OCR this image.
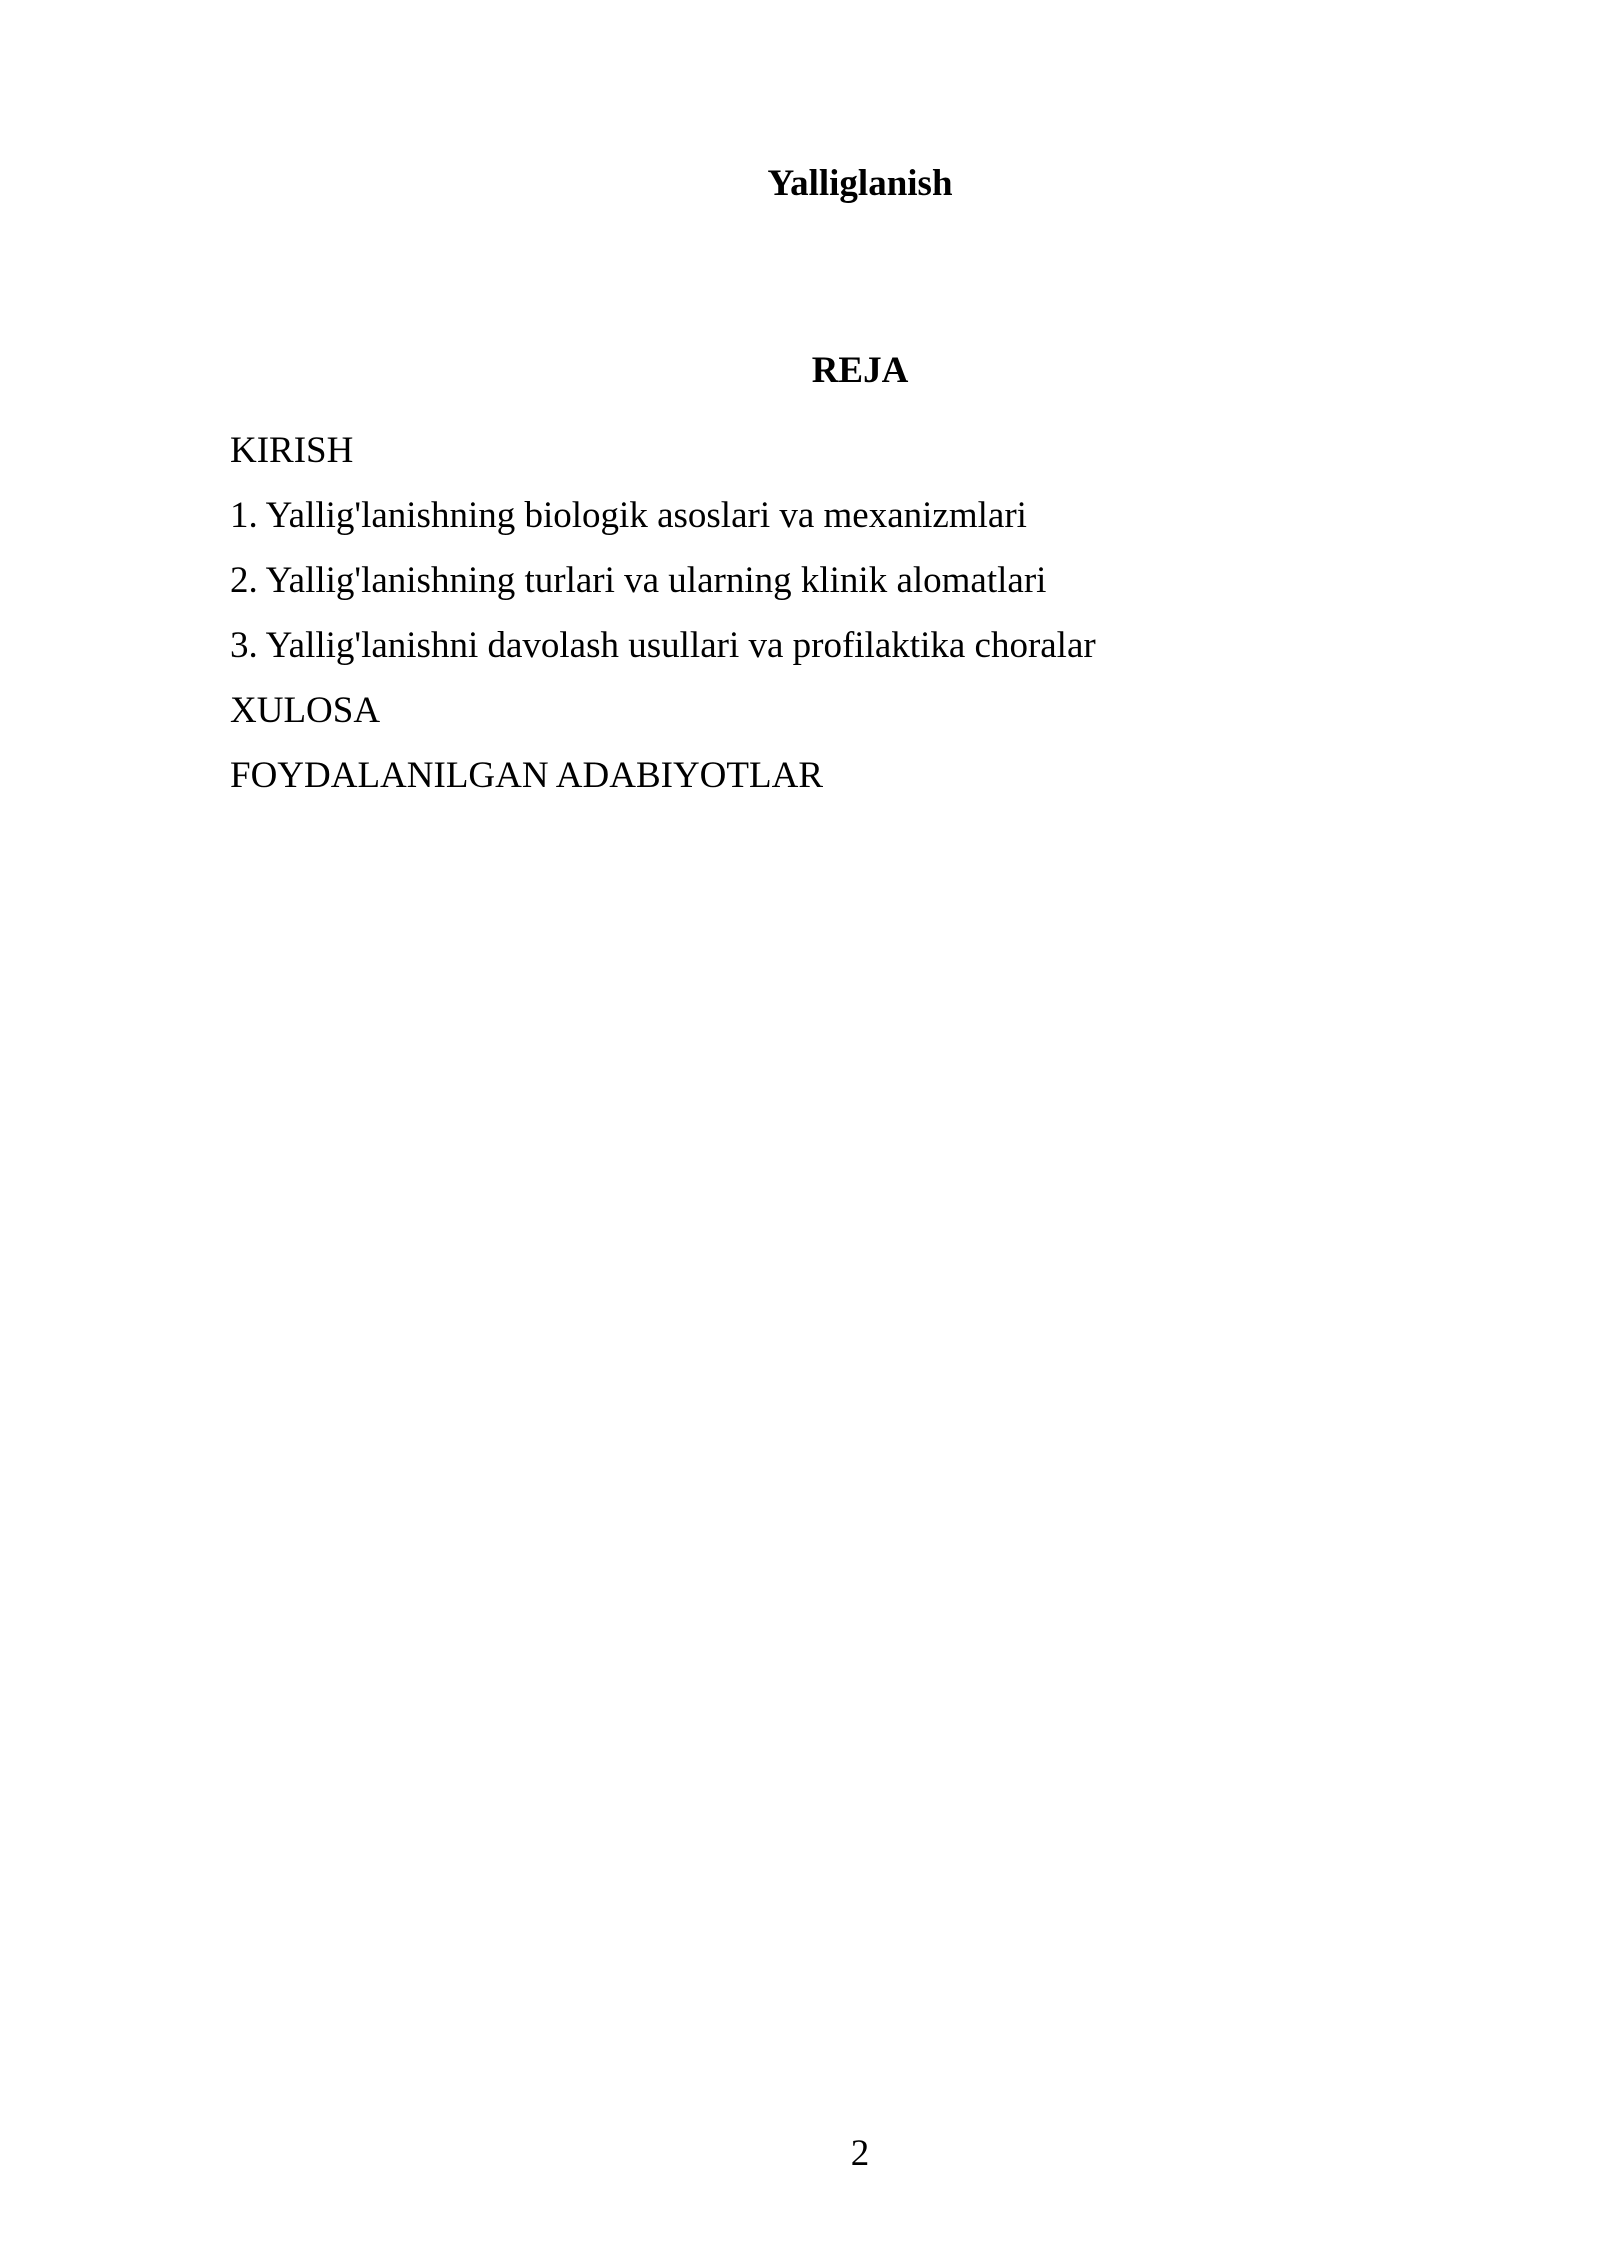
Yalliglanish
REJA
KIRISH
1. Yallig'lanishning biologik asoslari va mexanizmlari
2. Yallig'lanishning turlari va ularning klinik alomatlari
3. Yallig'lanishni davolash usullari va profilaktika choralar
XULOSA
FOYDALANILGAN ADABIYOTLAR
2
